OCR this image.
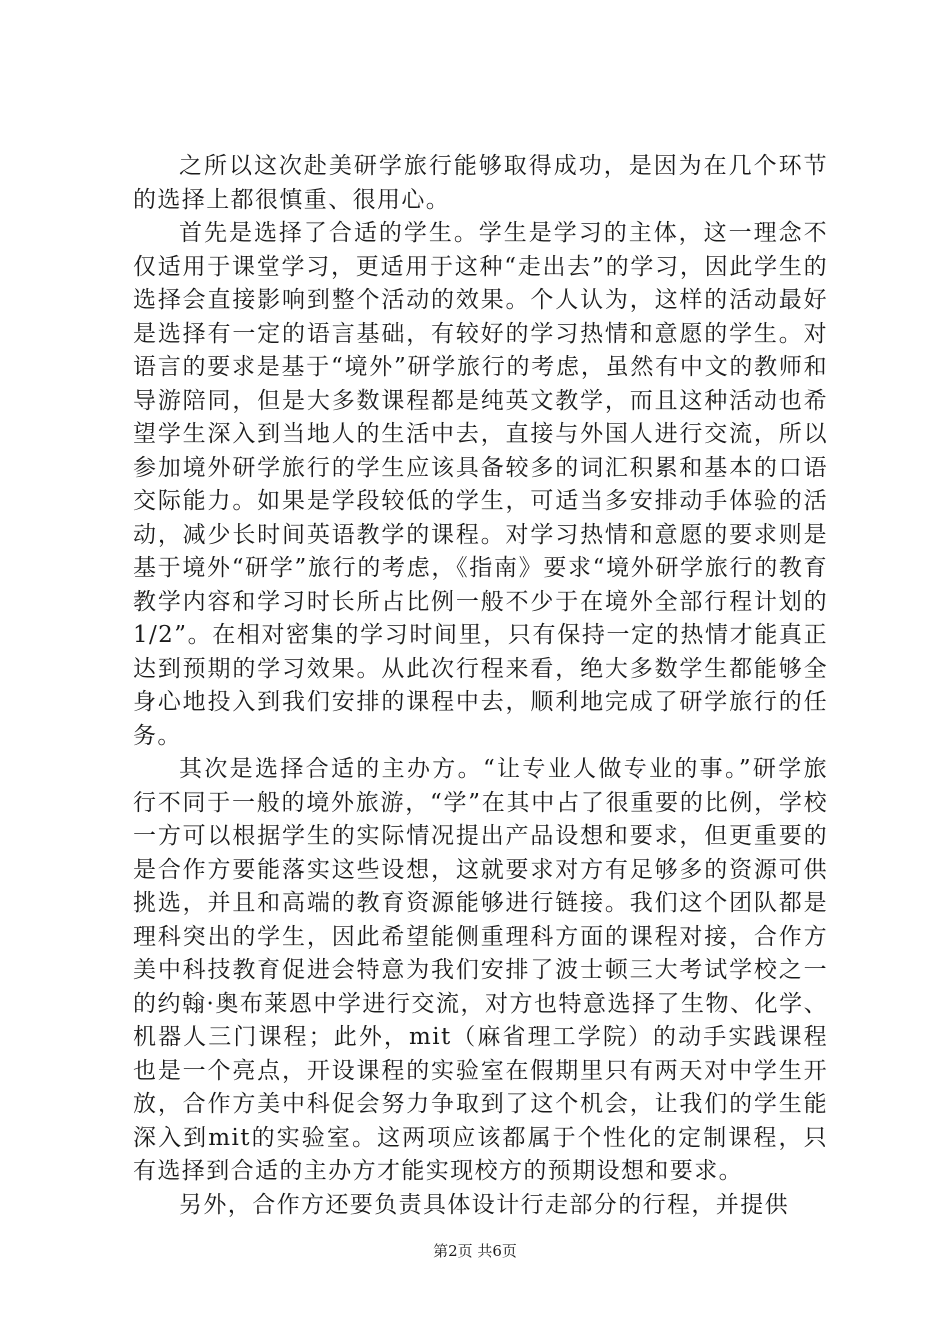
之所以这次赴美研学旅行能够取得成功，是因为在几个环节的选择上都很慎重、很用心。

首先是选择了合适的学生。学生是学习的主体，这一理念不仅适用于课堂学习，更适用于这种“走出去”的学习，因此学生的选择会直接影响到整个活动的效果。个人认为，这样的活动最好是选择有一定的语言基础，有较好的学习热情和意愿的学生。对语言的要求是基于“境外”研学旅行的考虑，虽然有中文的教师和导游陪同，但是大多数课程都是纯英文教学，而且这种活动也希望学生深入到当地人的生活中去，直接与外国人进行交流，所以参加境外研学旅行的学生应该具备较多的词汇积累和基本的口语交际能力。如果是学段较低的学生，可适当多安排动手体验的活动，减少长时间英语教学的课程。对学习热情和意愿的要求则是基于境外“研学”旅行的考虑，《指南》要求“境外研学旅行的教育教学内容和学习时长所占比例一般不少于在境外全部行程计划的1/2”。在相对密集的学习时间里，只有保持一定的热情才能真正达到预期的学习效果。从此次行程来看，绝大多数学生都能够全身心地投入到我们安排的课程中去，顺利地完成了研学旅行的任务。

其次是选择合适的主办方。“让专业人做专业的事。”研学旅行不同于一般的境外旅游，“学”在其中占了很重要的比例，学校一方可以根据学生的实际情况提出产品设想和要求，但更重要的是合作方要能落实这些设想，这就要求对方有足够多的资源可供挑选，并且和高端的教育资源能够进行链接。我们这个团队都是理科突出的学生，因此希望能侧重理科方面的课程对接，合作方美中科技教育促进会特意为我们安排了波士顿三大考试学校之一的约翰·奥布莱恩中学进行交流，对方也特意选择了生物、化学、机器人三门课程；此外，mit（麻省理工学院）的动手实践课程也是一个亮点，开设课程的实验室在假期里只有两天对中学生开放，合作方美中科促会努力争取到了这个机会，让我们的学生能深入到mit的实验室。这两项应该都属于个性化的定制课程，只有选择到合适的主办方才能实现校方的预期设想和要求。

另外，合作方还要负责具体设计行走部分的行程，并提供

第2页 共6页
